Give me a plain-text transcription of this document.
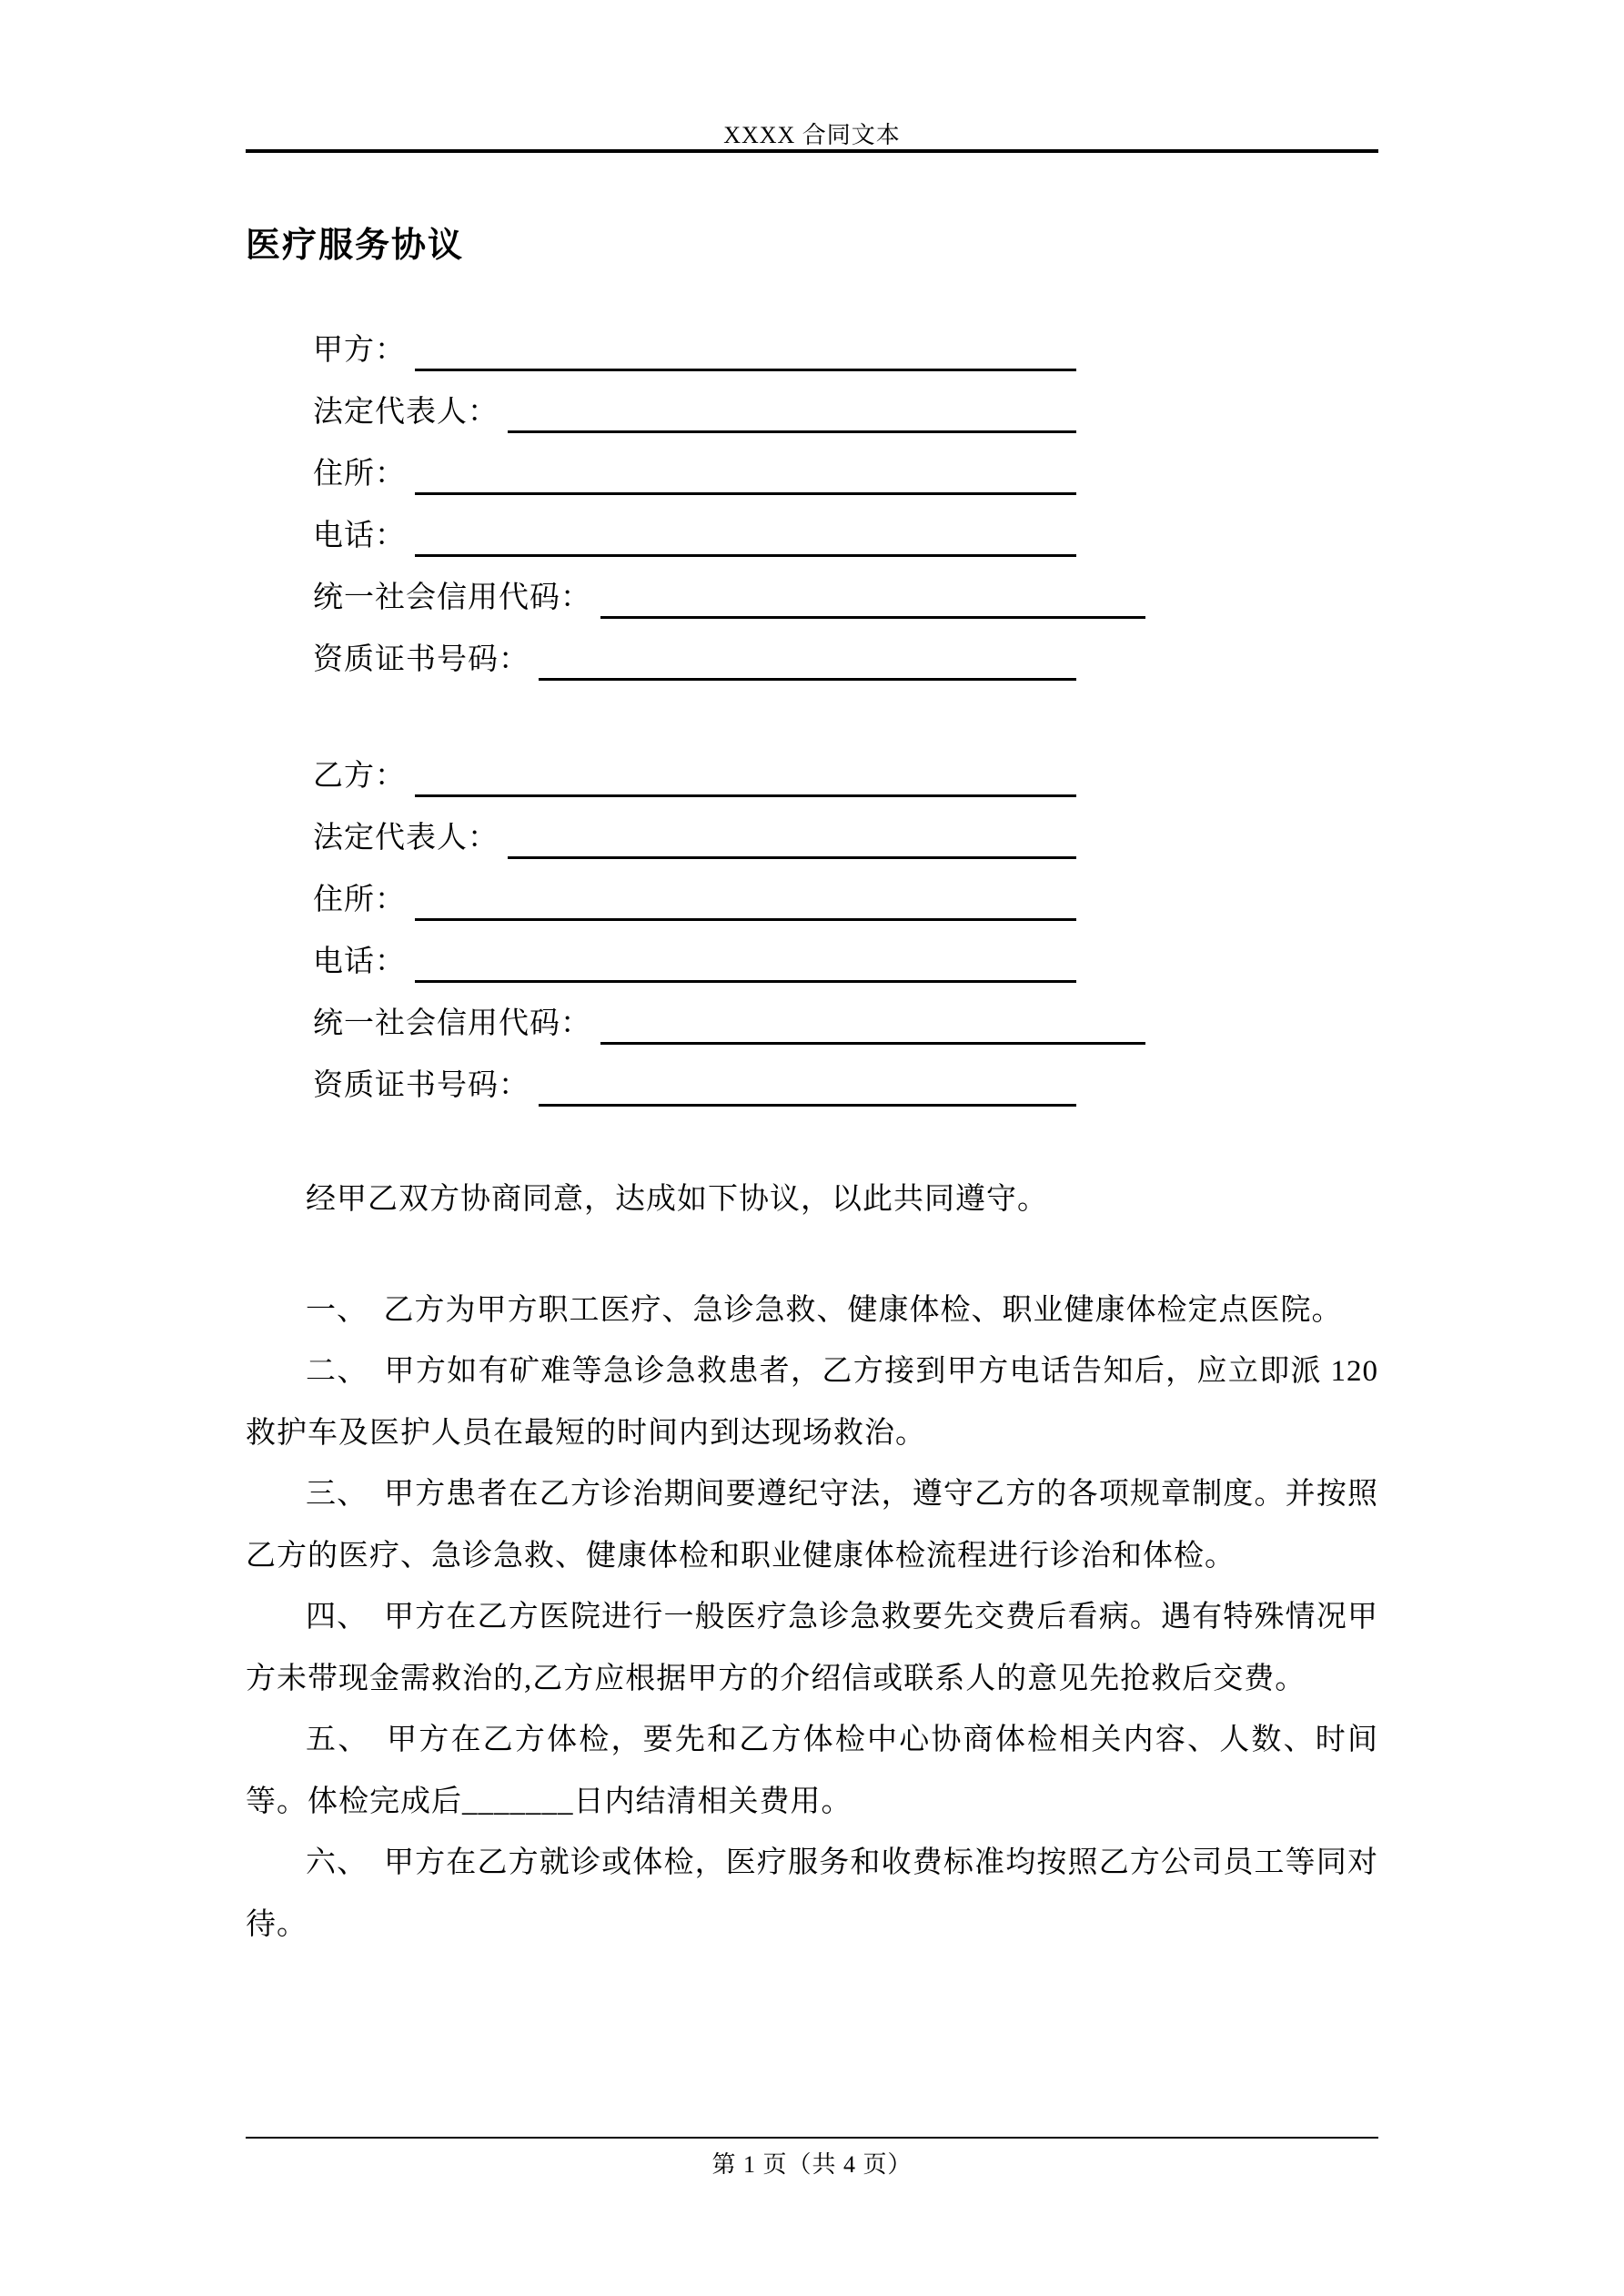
XXXX 合同文本
医疗服务协议
甲方：
法定代表人：
住所：
电话：
统一社会信用代码：
资质证书号码：
乙方：
法定代表人：
住所：
电话：
统一社会信用代码：
资质证书号码：

经甲乙双方协商同意，达成如下协议，以此共同遵守。

一、　乙方为甲方职工医疗、急诊急救、健康体检、职业健康体检定点医院。

二、　甲方如有矿难等急诊急救患者，乙方接到甲方电话告知后，应立即派 120 救护车及医护人员在最短的时间内到达现场救治。

三、　甲方患者在乙方诊治期间要遵纪守法，遵守乙方的各项规章制度。并按照乙方的医疗、急诊急救、健康体检和职业健康体检流程进行诊治和体检。

四、　甲方在乙方医院进行一般医疗急诊急救要先交费后看病。遇有特殊情况甲方未带现金需救治的,乙方应根据甲方的介绍信或联系人的意见先抢救后交费。

五、　甲方在乙方体检，要先和乙方体检中心协商体检相关内容、人数、时间等。体检完成后_______日内结清相关费用。

六、　甲方在乙方就诊或体检，医疗服务和收费标准均按照乙方公司员工等同对待。

第 1 页（共 4 页）
